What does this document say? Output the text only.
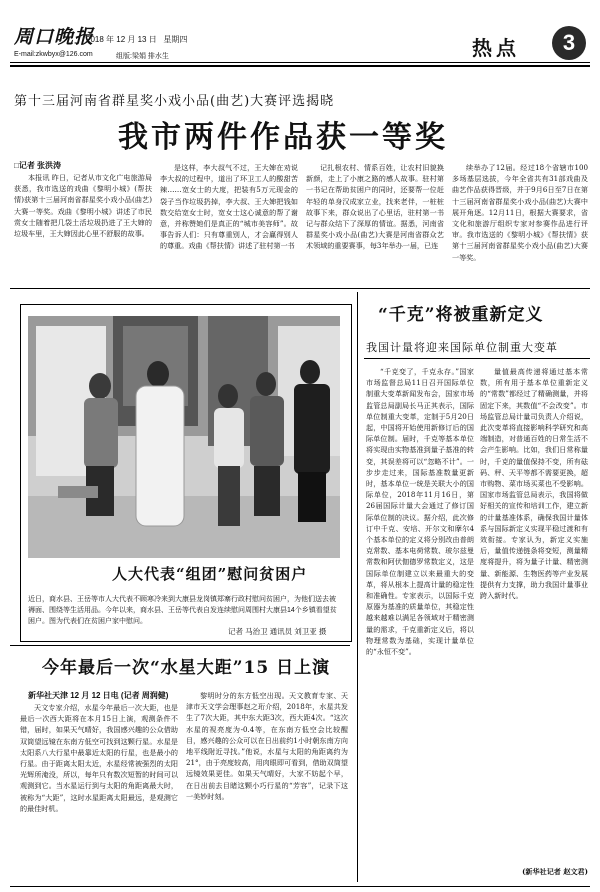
周口晚报
2018 年 12 月 13 日 星期四
E-mail:zkwbyx@126.com	组版:梁娟 排水生	热点	3
第十三届河南省群星奖小戏小品(曲艺)大赛评选揭晓
我市两件作品获一等奖
□记者 张洪涛

本报讯 昨日，记者从市文化广电旅游局获悉，我市选送的戏曲《黎明小城》(帮扶情)获第十三届河南省群星奖小戏小品(曲艺)大赛一等奖。戏曲《黎明小城》讲述了市民赏女士随着把几袋土活垃圾扔进了王大婶的垃圾车里，王大婶因此心里不舒服的故事。

是这样，李大叔气不过，王大婶在劝说李大叔的过程中，道出了环卫工人的酸甜苦辣……宽女士的大度，把装有5万元现金的袋子当作垃圾扔掉，李大叔、王大婶把钱如数交给宽女士时，宽女士这心诚意的帮了谢意，并称赞她们是真正的“城市美容师”。故事告诉人们：只有尊重别人，才会赢得别人的尊重。戏曲《帮扶情》讲述了驻村第一书

记扎根农村、情系百姓，让农村旧貌换新颜，走上了小康之路的感人故事。驻村第一书记在帮助贫困户的同时，还要帮一位赶年轻的单身汉成家立业，找来老伴，一桩桩故事下来，群众说出了心里话，驻村第一书记与群众结下了深厚的情谊。据悉，河南省群星奖小戏小品(曲艺)大赛是河南省群众艺术领域的重要赛事，每3年举办一届，已连

续举办了12届。经过18个省辖市100多场基层选拔，今年全省共有31部戏曲及曲艺作品获得晋级，并于9月6日至7日在第十三届河南省群星奖小戏小品(曲艺)大赛中展开角逐。12月11日，根据大赛要求，省文化和旅游厅组织专家对参赛作品进行评审。我市选送的《黎明小城》《帮扶情》获第十三届河南省群星奖小戏小品(曲艺)大赛一等奖。

人大代表“组团”慰问贫困户
近日，商水县、王岳等市人大代表不顾寒冷来到大康县龙岗镇郑寨行政村慰问贫困户，为他们送去被褥面、围绕等生活用品。今年以来，商水县、王岳等代表自发连续慰问周围村大康县14个乡镇看望贫困户。图为代表们在贫困户家中慰问。
记者 马治卫 通讯员 刘卫亚 摄
“千克”将被重新定义
我国计量将迎来国际单位制重大变革

“千克变了，千克永存。”国家市场监督总局11日召开国际单位制重大变革新闻发布会，国家市场监管总局副局长马正其表示，国际单位制重大变革，定制于5月20日起，中国将开始使用新修订后的国际单位制。届时，千克等基本单位将实现由实物基准到量子基准的转变，其误差将可以“忽略不计”。一步步走过来，国际基准数量更新时，基本单位一统是关联大小的国际单位，2018年11月16日，第26届国际计量大会通过了修订国际单位制的决议。据介绍，此次修订中千克、安培、开尔文和摩尔4个基本单位的定义将分别改由普朗克常数、基本电荷常数、玻尔兹曼常数和阿伏伽德罗常数定义，这是国际单位制建立以来最重大的变革，将从根本上提高计量的稳定性和准确性。专家表示，以国际千克原器为基准的质量单位，其稳定性越来越难以满足各领域对于精密测量的需求，千克重新定义后，将以物理常数为基础，实现计量单位的“永恒不变”。

量值最高传递将通过基本常数，所有用于基本单位重新定义的“常数”都经过了精确测量，并将固定下来，其数值“不会改变”。市场监管总局计量司负责人介绍说，此次变革将直接影响科学研究和高端制造，对普通百姓的日常生活不会产生影响。比如，我们日常称量时，千克的量值保持不变，所有砝码、秤、天平等都不需要更换，超市购物、菜市场买菜也不受影响。国家市场监管总局表示，我国将做好相关的宣传和培训工作，建立新的计量基准体系，确保我国计量体系与国际新定义实现平稳过渡和有效衔接。专家认为，新定义实施后，量值传递链条将变短，测量精度将提升，将为量子计量、精密测量、新能源、生物医药等产业发展提供有力支撑，助力我国计量事业跨入新时代。

(新华社记者 赵文君)

今年最后一次“水星大距”15 日上演
新华社天津 12 月 12 日电 (记者 周润健)

天文专家介绍，水星今年最后一次大距，也是最后一次西大距将在本月15日上演，观测条件不错，届时，如果天气晴好，我国感兴趣的公众借助双筒望远镜在东南方低空可找到这颗行星。水星是太阳系八大行星中最靠近太阳的行星，也是最小的行星。由于距离太阳太近，水星经常被强烈的太阳光辉所淹没，所以，每年只有数次短暂的时间可以观测到它。当水星运行到与太阳的角距离最大时，被称为“大距”，这时水星距离太阳最远，是观测它的最佳时机。

黎明时分的东方低空出现。天文教育专家、天津市天文学会理事赵之珩介绍，2018年，水星共发生了7次大距，其中东大距3次，西大距4次。“这次水星的视亮度为-0.4等，在东南方低空会比较醒目，感兴趣的公众可以在日出前约1小时朝东南方向地平线附近寻找。”他说，水星与太阳的角距离约为21°，由于亮度较高，用肉眼即可看到，借助双筒望远镜效果更佳。如果天气晴好，大家不妨起个早，在日出前去目睹这颗小巧行星的“芳容”，记录下这一美妙时刻。
